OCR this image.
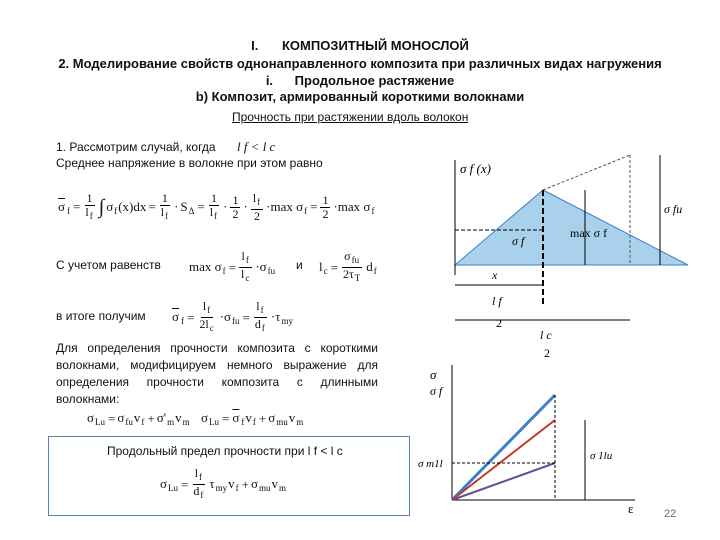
I. КОМПОЗИТНЫЙ МОНОСЛОЙ
2. Моделирование свойств однонаправленного композита при различных видах нагружения
i. Продольное растяжение
b) Композит, армированный короткими волокнами
Прочность при растяжении вдоль волокон
1. Рассмотрим случай, когда l f < l c
Среднее напряжение в волокне при этом равно
$\overline{\sigma}$ $_f = \frac{1}{l_f}$ ∫ $\sigma_f(x)dx = \frac{1}{l_f} \cdot S_\Delta = \frac{1}{l_f} \cdot \frac{1}{2} \cdot \frac{l_f}{2} \cdot\max$ $\sigma_f = \frac{1}{2} \cdot\max$ $\sigma_f$
С учетом равенств $\max \sigma_f = \frac{l_f}{l_c} \cdot\sigma_{fu}$ и $l_c = \frac{\sigma_{fu}}{2\tau_T} d_f$
в итоге получим $\overline{\sigma}$ $_f = \frac{l_f}{2l_c} \cdot\sigma_{fu} = \frac{l_f}{d_f} \cdot\tau_{my}$
Для определения прочности композита с короткими волокнами, модифицируем немного выражение для определения прочности композита с длинными волокнами:
$\sigma_{Lu} = \sigma_{fu}v_f + \sigma'_mv_m$ $\sigma_{Lu} = \overline{\sigma}$ $_fv_f + \sigma_{mu}v_m$
Продольный предел прочности при l f < l c
$\sigma_{Lu} = \frac{l_f}{d_f} \tau_{my}v_f + \sigma_{mu}v_m$
σ f (x)
σ f
max σ f
σ fu
x
l f
2
l c
2
σ
σ f
σ m1l
σ 1lu
ε	22
